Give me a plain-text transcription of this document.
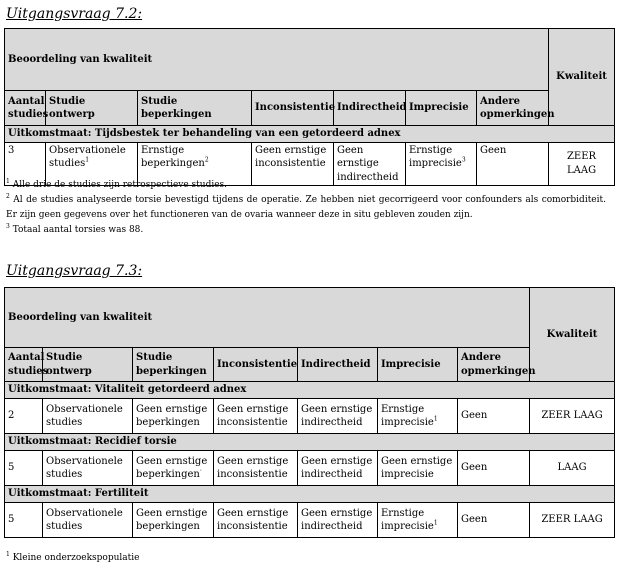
Uitgangsvraag 7.2:
Beoordeling van kwaliteit							Kwaliteit
Aantal studies	Studie ontwerp	Studie beperkingen	Inconsistentie	Indirectheid	Imprecisie	Andere opmerkingen	
Uitkomstmaat: Tijdsbestek ter behandeling van een getordeerd adnex							
3	Observationele studies$^1$	Ernstige beperkingen$^2$	Geen ernstige inconsistentie	Geen ernstige indirectheid	Ernstige imprecisie$^3$	Geen	ZEER LAAG

$^1$ Alle drie de studies zijn retrospectieve studies.

$^2$ Al de studies analyseerde torsie bevestigd tijdens de operatie. Ze hebben niet gecorrigeerd voor confounders als comorbiditeit. Er zijn geen gegevens over het functioneren van de ovaria wanneer deze in situ gebleven zouden zijn.

$^3$ Totaal aantal torsies was 88.

Uitgangsvraag 7.3:
Beoordeling van kwaliteit							Kwaliteit
Aantal studies	Studie ontwerp	Studie beperkingen	Inconsistentie	Indirectheid	Imprecisie	Andere opmerkingen	
Uitkomstmaat: Vitaliteit getordeerd adnex							
2	Observationele studies	Geen ernstige beperkingen	Geen ernstige inconsistentie	Geen ernstige indirectheid	Ernstige imprecisie$^1$	Geen	ZEER LAAG
Uitkomstmaat: Recidief torsie							
5	Observationele studies	Geen ernstige beperkingen·	Geen ernstige inconsistentie	Geen ernstige indirectheid	Geen ernstige imprecisie	Geen	LAAG
Uitkomstmaat: Fertiliteit							
5	Observationele studies	Geen ernstige beperkingen	Geen ernstige inconsistentie	Geen ernstige indirectheid	Ernstige imprecisie$^1$	Geen	ZEER LAAG

$^1$ Kleine onderzoekspopulatie
